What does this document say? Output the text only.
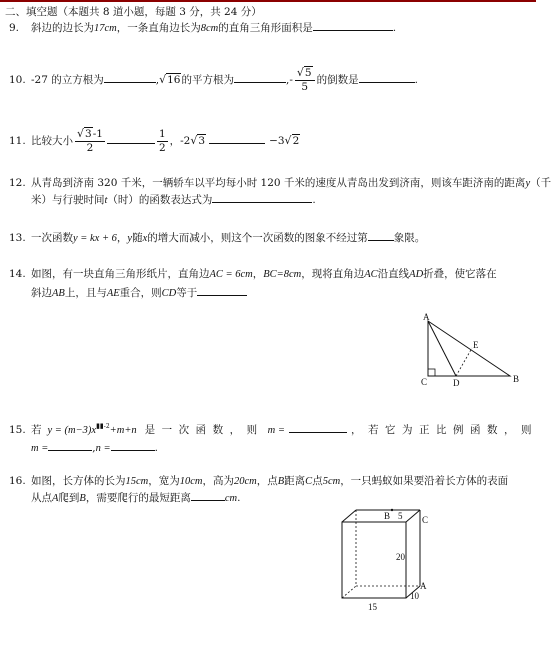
二、填空题（本题共 8 道小题，每题 3 分，共 24 分）
9. 斜边的边长为17cm，一条直角边长为8cm的直角三角形面积是	.
10. -27 的立方根为	,√16的平方根为	,- $\frac{√5}{5}$ 的倒数是	.
11. 比较大小 $\frac{√3-1}{2}$	$\frac{1}{2}$ ，-2√3	−3√2
12. 从青岛到济南 320 千米，一辆轿车以平均每小时 120 千米的速度从青岛出发到济南，则该车距济南的距离y（千
米）与行驶时间t（时）的函数表达式为	.
13. 一次函数y = kx + 6，y随x的增大而减小，则这个一次函数的图象不经过第 象限。
14. 如图，有一块直角三角形纸片，直角边AC = 6cm，BC=8cm，现将直角边AC沿直线AD折叠，使它落在
斜边AB上，且与AE重合，则CD等于
A
B
C	D
E
15. 若 $y = (m-3)x^{▮▮-2}+m+n$ 是一次函数，则 m =	，若它为正比例函数，则
m =	,n =	.
16. 如图，长方体的长为15cm，宽为10cm，高为20cm，点B距离C点5cm，一只蚂蚁如果要沿着长方体的表面
从点A爬到B，需要爬行的最短距离	cm.
B 5 C
20
A
10
15
